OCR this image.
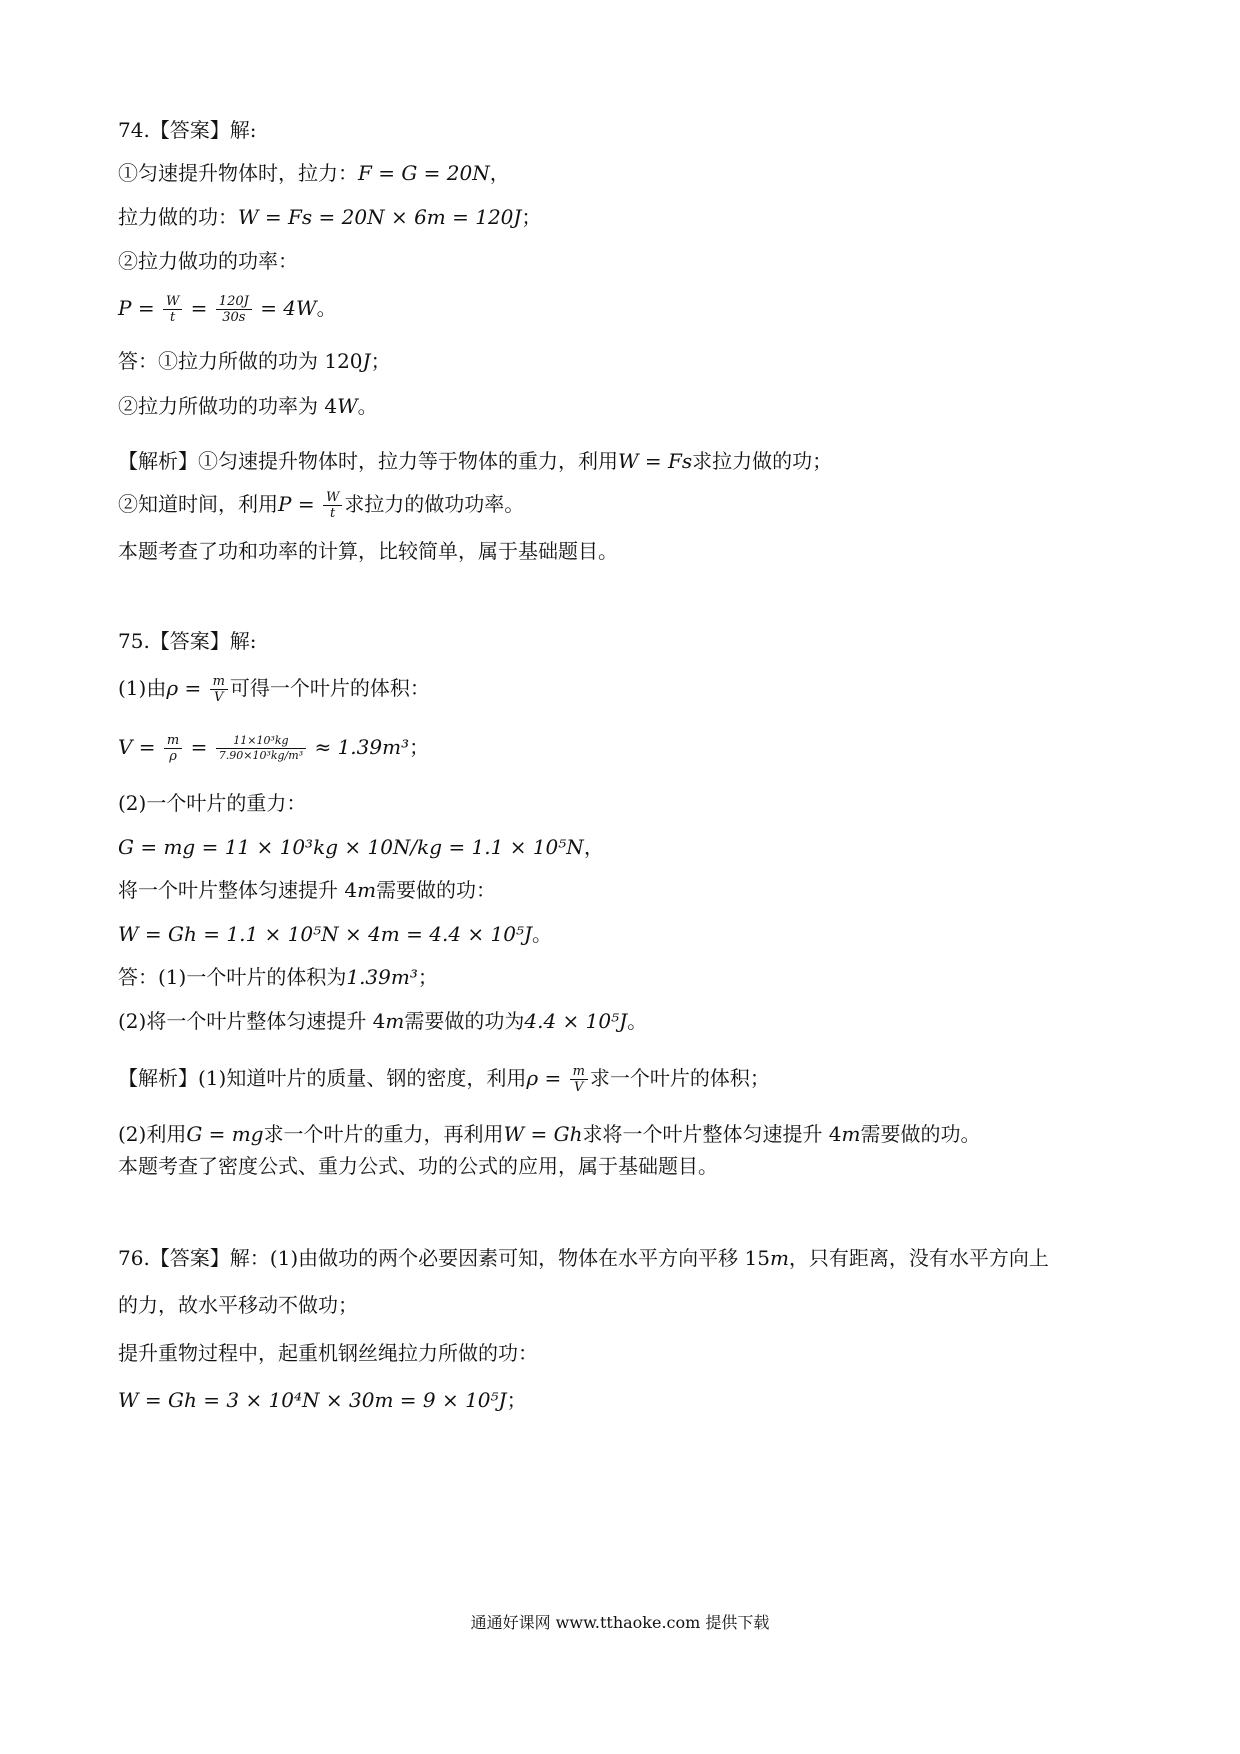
74.【答案】解:
①匀速提升物体时，拉力：F = G = 20N，
拉力做的功：W = Fs = 20N × 6m = 120J；
②拉力做功的功率：
$P = \frac{W}{t} = \frac{120J}{30s} = 4W$。
答：①拉力所做的功为 120J；
②拉力所做功的功率为 4W。
【解析】①匀速提升物体时，拉力等于物体的重力，利用W = Fs求拉力做的功；
②知道时间，利用$P = \frac{W}{t}$ 求拉力的做功功率。
本题考查了功和功率的计算，比较简单，属于基础题目。
75.【答案】解:
(1)由$\rho = \frac{m}{V}$ 可得一个叶片的体积：
$V = \frac{m}{\rho} = \frac{\text{11×10³kg}}{\text{7.90×10³kg/m³}} \approx 1.39m^3$；
(2)一个叶片的重力：
G = mg = 11 × 10³kg × 10N/kg = 1.1 × 10⁵N，
将一个叶片整体匀速提升 4m需要做的功：
W = Gh = 1.1 × 10⁵N × 4m = 4.4 × 10⁵J。
答：(1)一个叶片的体积为1.39m³；
(2)将一个叶片整体匀速提升 4m需要做的功为4.4 × 10⁵J。
【解析】(1)知道叶片的质量、钢的密度，利用$\rho = \frac{m}{V}$ 求一个叶片的体积；
(2)利用G = mg求一个叶片的重力，再利用W = Gh求将一个叶片整体匀速提升 4m需要做的功。
本题考查了密度公式、重力公式、功的公式的应用，属于基础题目。
76.【答案】解：(1)由做功的两个必要因素可知，物体在水平方向平移 15m，只有距离，没有水平方向上
的力，故水平移动不做功；
提升重物过程中，起重机钢丝绳拉力所做的功：
W = Gh = 3 × 10⁴N × 30m = 9 × 10⁵J；
通通好课网 www.tthaoke.com 提供下载
